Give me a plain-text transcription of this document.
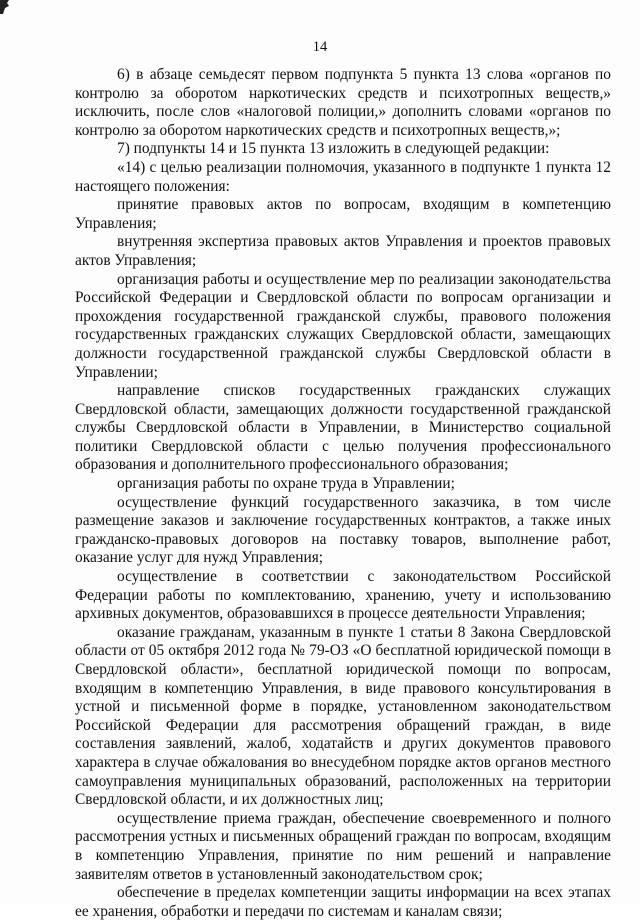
14

6) в абзаце семьдесят первом подпункта 5 пункта 13 слова «органов по контролю за оборотом наркотических средств и психотропных веществ,» исключить, после слов «налоговой полиции,» дополнить словами «органов по контролю за оборотом наркотических средств и психотропных веществ,»;

7) подпункты 14 и 15 пункта 13 изложить в следующей редакции:

«14) с целью реализации полномочия, указанного в подпункте 1 пункта 12 настоящего положения:

принятие правовых актов по вопросам, входящим в компетенцию Управления;

внутренняя экспертиза правовых актов Управления и проектов правовых актов Управления;

организация работы и осуществление мер по реализации законодательства Российской Федерации и Свердловской области по вопросам организации и прохождения государственной гражданской службы, правового положения государственных гражданских служащих Свердловской области, замещающих должности государственной гражданской службы Свердловской области в Управлении;

направление списков государственных гражданских служащих Свердловской области, замещающих должности государственной гражданской службы Свердловской области в Управлении, в Министерство социальной политики Свердловской области с целью получения профессионального образования и дополнительного профессионального образования;

организация работы по охране труда в Управлении;

осуществление функций государственного заказчика, в том числе размещение заказов и заключение государственных контрактов, а также иных гражданско-правовых договоров на поставку товаров, выполнение работ, оказание услуг для нужд Управления;

осуществление в соответствии с законодательством Российской Федерации работы по комплектованию, хранению, учету и использованию архивных документов, образовавшихся в процессе деятельности Управления;

оказание гражданам, указанным в пункте 1 статьи 8 Закона Свердловской области от 05 октября 2012 года № 79-ОЗ «О бесплатной юридической помощи в Свердловской области», бесплатной юридической помощи по вопросам, входящим в компетенцию Управления, в виде правового консультирования в устной и письменной форме в порядке, установленном законодательством Российской Федерации для рассмотрения обращений граждан, в виде составления заявлений, жалоб, ходатайств и других документов правового характера в случае обжалования во внесудебном порядке актов органов местного самоуправления муниципальных образований, расположенных на территории Свердловской области, и их должностных лиц;

осуществление приема граждан, обеспечение своевременного и полного рассмотрения устных и письменных обращений граждан по вопросам, входящим в компетенцию Управления, принятие по ним решений и направление заявителям ответов в установленный законодательством срок;

обеспечение в пределах компетенции защиты информации на всех этапах ее хранения, обработки и передачи по системам и каналам связи;
